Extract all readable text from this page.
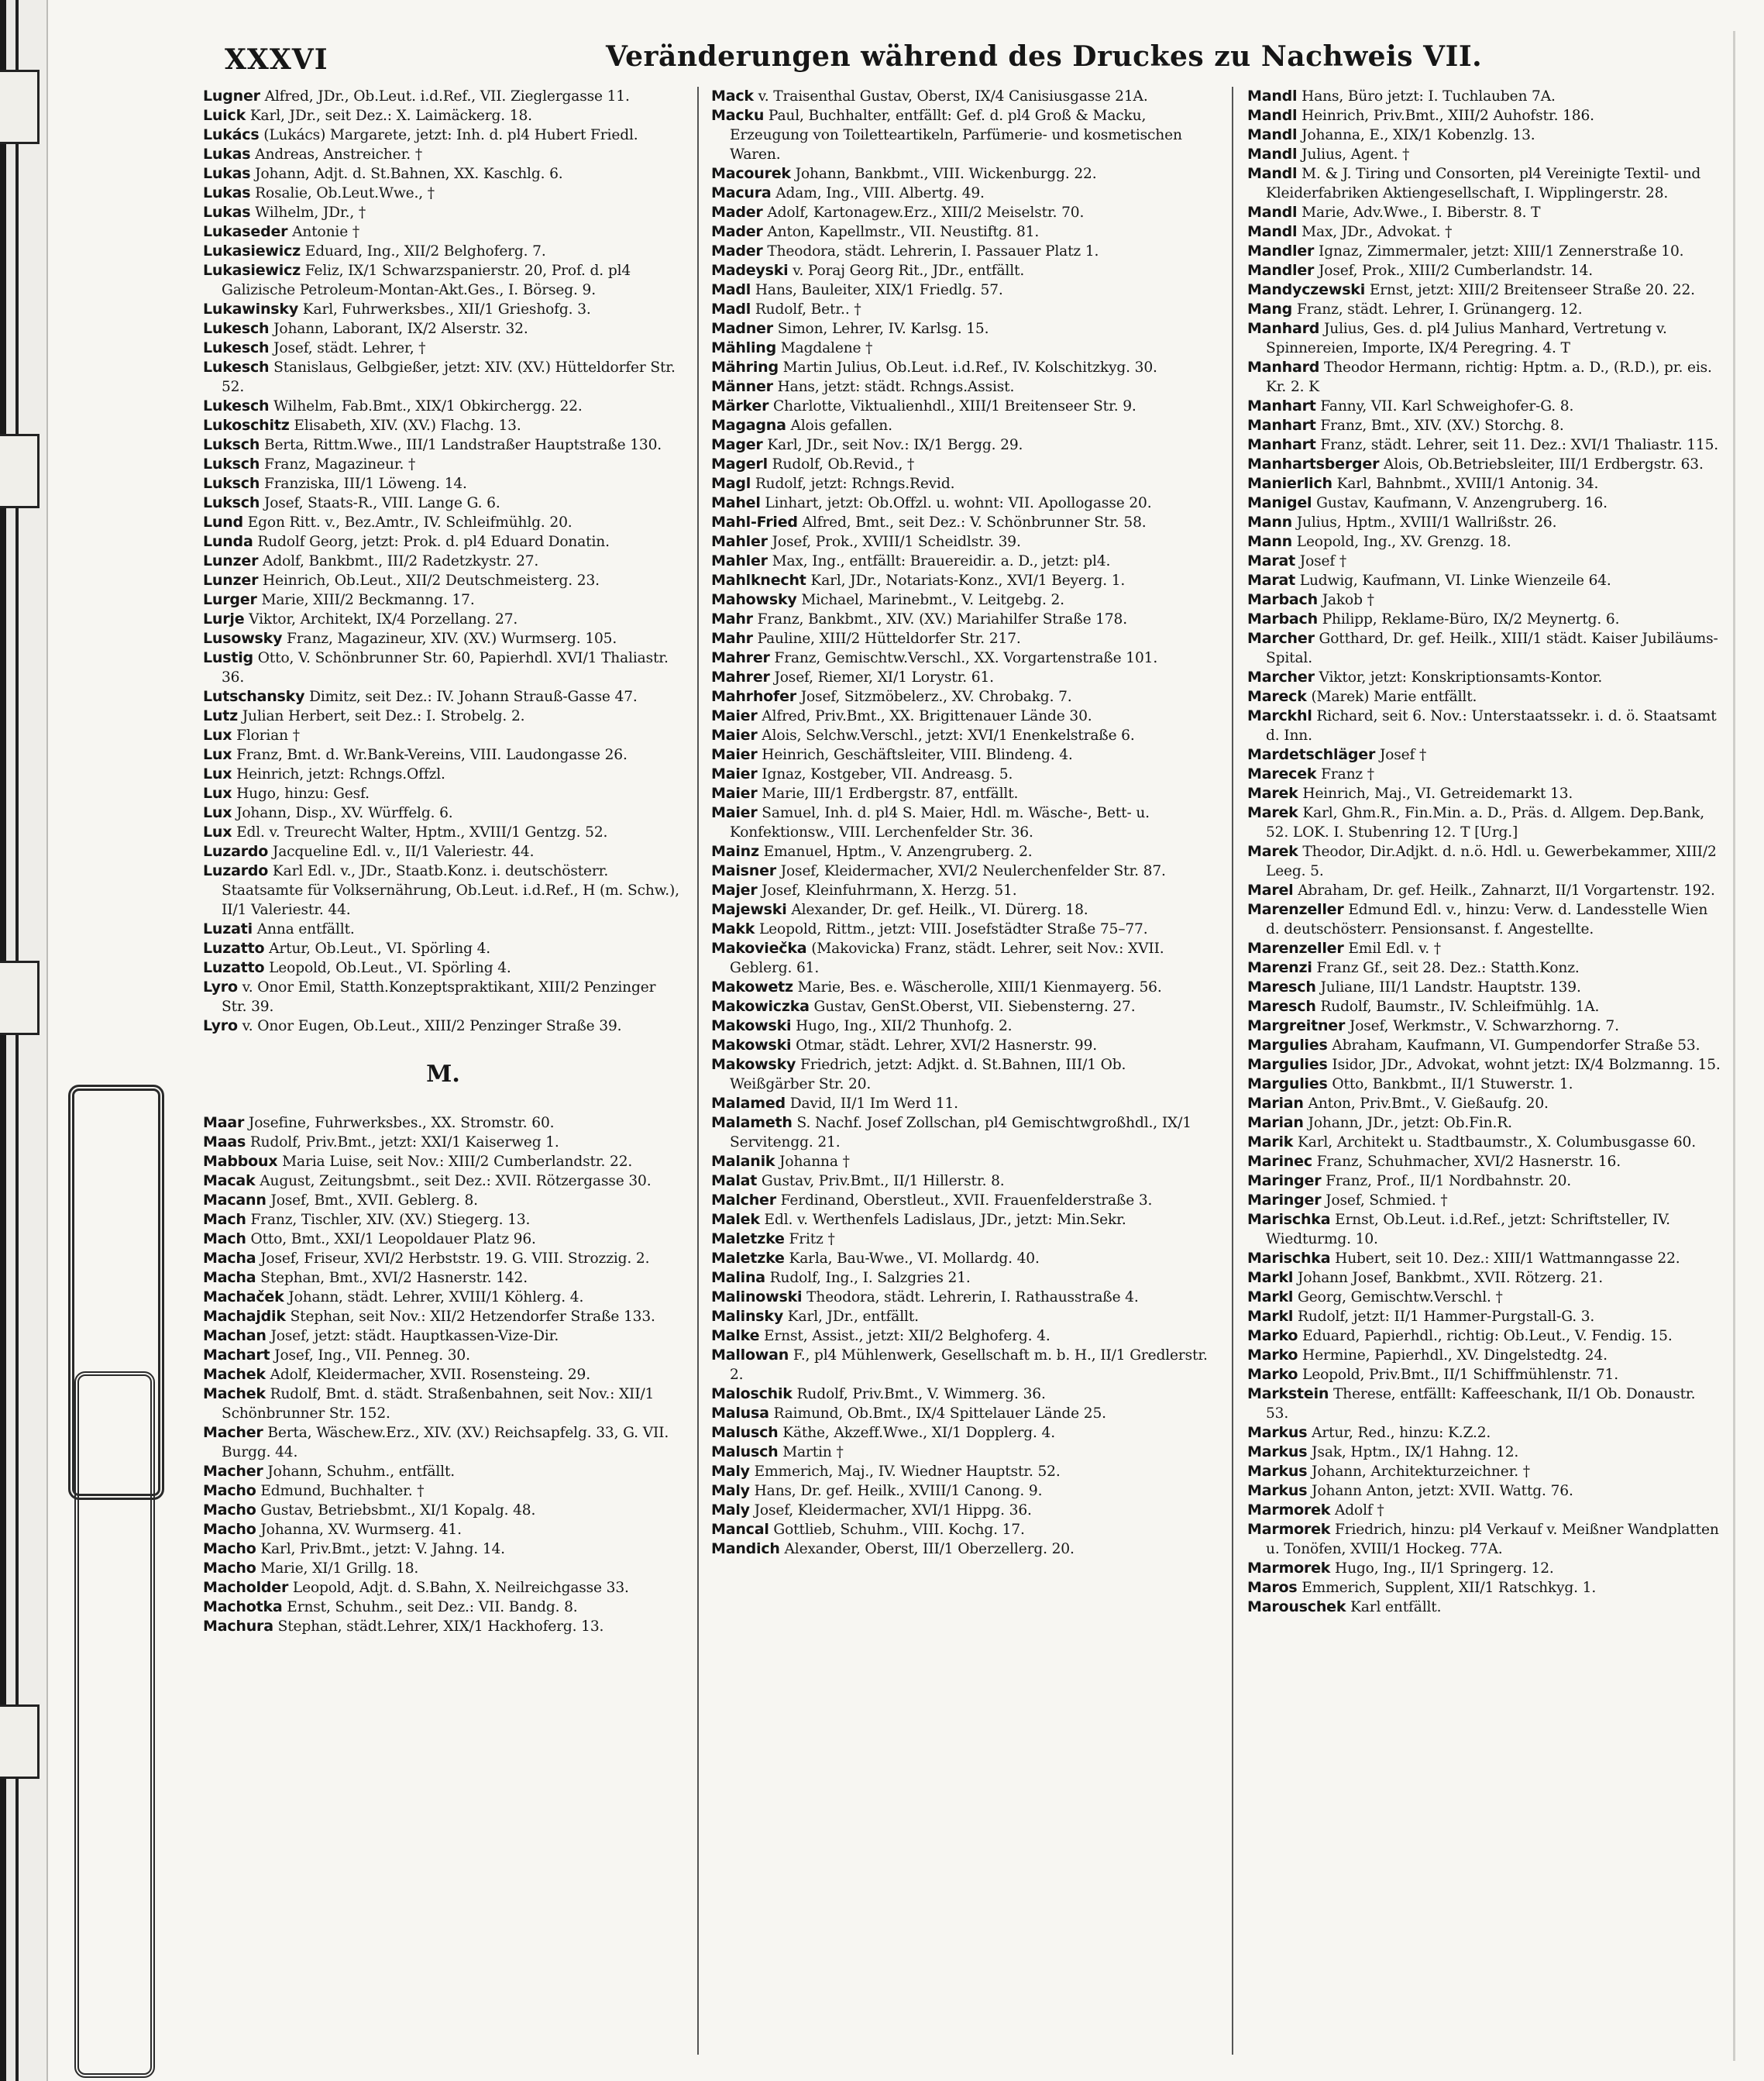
XXXVI	Veränderungen während des Druckes zu Nachweis VII.

Lugner Alfred, JDr., Ob.Leut. i.d.Ref., VII. Zieglergasse 11.

Luick Karl, JDr., seit Dez.: X. Laimäckerg. 18.

Lukács (Lukács) Margarete, jetzt: Inh. d. pl4 Hubert Friedl.

Lukas Andreas, Anstreicher. †

Lukas Johann, Adjt. d. St.Bahnen, XX. Kaschlg. 6.

Lukas Rosalie, Ob.Leut.Wwe., †

Lukas Wilhelm, JDr., †

Lukaseder Antonie †

Lukasiewicz Eduard, Ing., XII/2 Belghoferg. 7.

Lukasiewicz Feliz, IX/1 Schwarzspanierstr. 20, Prof. d. pl4 Galizische Petroleum-Montan-Akt.Ges., I. Börseg. 9.

Lukawinsky Karl, Fuhrwerksbes., XII/1 Grieshofg. 3.

Lukesch Johann, Laborant, IX/2 Alserstr. 32.

Lukesch Josef, städt. Lehrer, †

Lukesch Stanislaus, Gelbgießer, jetzt: XIV. (XV.) Hütteldorfer Str. 52.

Lukesch Wilhelm, Fab.Bmt., XIX/1 Obkirchergg. 22.

Lukoschitz Elisabeth, XIV. (XV.) Flachg. 13.

Luksch Berta, Rittm.Wwe., III/1 Landstraßer Hauptstraße 130.

Luksch Franz, Magazineur. †

Luksch Franziska, III/1 Löweng. 14.

Luksch Josef, Staats-R., VIII. Lange G. 6.

Lund Egon Ritt. v., Bez.Amtr., IV. Schleifmühlg. 20.

Lunda Rudolf Georg, jetzt: Prok. d. pl4 Eduard Donatin.

Lunzer Adolf, Bankbmt., III/2 Radetzkystr. 27.

Lunzer Heinrich, Ob.Leut., XII/2 Deutschmeisterg. 23.

Lurger Marie, XIII/2 Beckmanng. 17.

Lurje Viktor, Architekt, IX/4 Porzellang. 27.

Lusowsky Franz, Magazineur, XIV. (XV.) Wurmserg. 105.

Lustig Otto, V. Schönbrunner Str. 60, Papierhdl. XVI/1 Thaliastr. 36.

Lutschansky Dimitz, seit Dez.: IV. Johann Strauß-Gasse 47.

Lutz Julian Herbert, seit Dez.: I. Strobelg. 2.

Lux Florian †

Lux Franz, Bmt. d. Wr.Bank-Vereins, VIII. Laudongasse 26.

Lux Heinrich, jetzt: Rchngs.Offzl.

Lux Hugo, hinzu: Gesf.

Lux Johann, Disp., XV. Würffelg. 6.

Lux Edl. v. Treurecht Walter, Hptm., XVIII/1 Gentzg. 52.

Luzardo Jacqueline Edl. v., II/1 Valeriestr. 44.

Luzardo Karl Edl. v., JDr., Staatb.Konz. i. deutschösterr. Staatsamte für Volksernährung, Ob.Leut. i.d.Ref., H (m. Schw.), II/1 Valeriestr. 44.

Luzati Anna entfällt.

Luzatto Artur, Ob.Leut., VI. Spörling 4.

Luzatto Leopold, Ob.Leut., VI. Spörling 4.

Lyro v. Onor Emil, Statth.Konzeptspraktikant, XIII/2 Penzinger Str. 39.

Lyro v. Onor Eugen, Ob.Leut., XIII/2 Penzinger Straße 39.

M.

Maar Josefine, Fuhrwerksbes., XX. Stromstr. 60.

Maas Rudolf, Priv.Bmt., jetzt: XXI/1 Kaiserweg 1.

Mabboux Maria Luise, seit Nov.: XIII/2 Cumberlandstr. 22.

Macak August, Zeitungsbmt., seit Dez.: XVII. Rötzergasse 30.

Macann Josef, Bmt., XVII. Geblerg. 8.

Mach Franz, Tischler, XIV. (XV.) Stiegerg. 13.

Mach Otto, Bmt., XXI/1 Leopoldauer Platz 96.

Macha Josef, Friseur, XVI/2 Herbststr. 19. G. VIII. Strozzig. 2.

Macha Stephan, Bmt., XVI/2 Hasnerstr. 142.

Machaček Johann, städt. Lehrer, XVIII/1 Köhlerg. 4.

Machajdik Stephan, seit Nov.: XII/2 Hetzendorfer Straße 133.

Machan Josef, jetzt: städt. Hauptkassen-Vize-Dir.

Machart Josef, Ing., VII. Penneg. 30.

Machek Adolf, Kleidermacher, XVII. Rosensteing. 29.

Machek Rudolf, Bmt. d. städt. Straßenbahnen, seit Nov.: XII/1 Schönbrunner Str. 152.

Macher Berta, Wäschew.Erz., XIV. (XV.) Reichsapfelg. 33, G. VII. Burgg. 44.

Macher Johann, Schuhm., entfällt.

Macho Edmund, Buchhalter. †

Macho Gustav, Betriebsbmt., XI/1 Kopalg. 48.

Macho Johanna, XV. Wurmserg. 41.

Macho Karl, Priv.Bmt., jetzt: V. Jahng. 14.

Macho Marie, XI/1 Grillg. 18.

Macholder Leopold, Adjt. d. S.Bahn, X. Neilreichgasse 33.

Machotka Ernst, Schuhm., seit Dez.: VII. Bandg. 8.

Machura Stephan, städt.Lehrer, XIX/1 Hackhoferg. 13.

Mack v. Traisenthal Gustav, Oberst, IX/4 Canisiusgasse 21A.

Macku Paul, Buchhalter, entfällt: Gef. d. pl4 Groß & Macku, Erzeugung von Toiletteartikeln, Parfümerie- und kosmetischen Waren.

Macourek Johann, Bankbmt., VIII. Wickenburgg. 22.

Macura Adam, Ing., VIII. Albertg. 49.

Mader Adolf, Kartonagew.Erz., XIII/2 Meiselstr. 70.

Mader Anton, Kapellmstr., VII. Neustiftg. 81.

Mader Theodora, städt. Lehrerin, I. Passauer Platz 1.

Madeyski v. Poraj Georg Rit., JDr., entfällt.

Madl Hans, Bauleiter, XIX/1 Friedlg. 57.

Madl Rudolf, Betr.. †

Madner Simon, Lehrer, IV. Karlsg. 15.

Mähling Magdalene †

Mähring Martin Julius, Ob.Leut. i.d.Ref., IV. Kolschitzkyg. 30.

Männer Hans, jetzt: städt. Rchngs.Assist.

Märker Charlotte, Viktualienhdl., XIII/1 Breitenseer Str. 9.

Magagna Alois gefallen.

Mager Karl, JDr., seit Nov.: IX/1 Bergg. 29.

Magerl Rudolf, Ob.Revid., †

Magl Rudolf, jetzt: Rchngs.Revid.

Mahel Linhart, jetzt: Ob.Offzl. u. wohnt: VII. Apollogasse 20.

Mahl-Fried Alfred, Bmt., seit Dez.: V. Schönbrunner Str. 58.

Mahler Josef, Prok., XVIII/1 Scheidlstr. 39.

Mahler Max, Ing., entfällt: Brauereidir. a. D., jetzt: pl4.

Mahlknecht Karl, JDr., Notariats-Konz., XVI/1 Beyerg. 1.

Mahowsky Michael, Marinebmt., V. Leitgebg. 2.

Mahr Franz, Bankbmt., XIV. (XV.) Mariahilfer Straße 178.

Mahr Pauline, XIII/2 Hütteldorfer Str. 217.

Mahrer Franz, Gemischtw.Verschl., XX. Vorgartenstraße 101.

Mahrer Josef, Riemer, XI/1 Lorystr. 61.

Mahrhofer Josef, Sitzmöbelerz., XV. Chrobakg. 7.

Maier Alfred, Priv.Bmt., XX. Brigittenauer Lände 30.

Maier Alois, Selchw.Verschl., jetzt: XVI/1 Enenkelstraße 6.

Maier Heinrich, Geschäftsleiter, VIII. Blindeng. 4.

Maier Ignaz, Kostgeber, VII. Andreasg. 5.

Maier Marie, III/1 Erdbergstr. 87, entfällt.

Maier Samuel, Inh. d. pl4 S. Maier, Hdl. m. Wäsche-, Bett- u. Konfektionsw., VIII. Lerchenfelder Str. 36.

Mainz Emanuel, Hptm., V. Anzengruberg. 2.

Maisner Josef, Kleidermacher, XVI/2 Neulerchenfelder Str. 87.

Majer Josef, Kleinfuhrmann, X. Herzg. 51.

Majewski Alexander, Dr. gef. Heilk., VI. Dürerg. 18.

Makk Leopold, Rittm., jetzt: VIII. Josefstädter Straße 75–77.

Makoviečka (Makovicka) Franz, städt. Lehrer, seit Nov.: XVII. Geblerg. 61.

Makowetz Marie, Bes. e. Wäscherolle, XIII/1 Kienmayerg. 56.

Makowiczka Gustav, GenSt.Oberst, VII. Siebensterng. 27.

Makowski Hugo, Ing., XII/2 Thunhofg. 2.

Makowski Otmar, städt. Lehrer, XVI/2 Hasnerstr. 99.

Makowsky Friedrich, jetzt: Adjkt. d. St.Bahnen, III/1 Ob. Weißgärber Str. 20.

Malamed David, II/1 Im Werd 11.

Malameth S. Nachf. Josef Zollschan, pl4 Gemischtwgroßhdl., IX/1 Servitengg. 21.

Malanik Johanna †

Malat Gustav, Priv.Bmt., II/1 Hillerstr. 8.

Malcher Ferdinand, Oberstleut., XVII. Frauenfelderstraße 3.

Malek Edl. v. Werthenfels Ladislaus, JDr., jetzt: Min.Sekr.

Maletzke Fritz †

Maletzke Karla, Bau-Wwe., VI. Mollardg. 40.

Malina Rudolf, Ing., I. Salzgries 21.

Malinowski Theodora, städt. Lehrerin, I. Rathausstraße 4.

Malinsky Karl, JDr., entfällt.

Malke Ernst, Assist., jetzt: XII/2 Belghoferg. 4.

Mallowan F., pl4 Mühlenwerk, Gesellschaft m. b. H., II/1 Gredlerstr. 2.

Maloschik Rudolf, Priv.Bmt., V. Wimmerg. 36.

Malusa Raimund, Ob.Bmt., IX/4 Spittelauer Lände 25.

Malusch Käthe, Akzeff.Wwe., XI/1 Dopplerg. 4.

Malusch Martin †

Maly Emmerich, Maj., IV. Wiedner Hauptstr. 52.

Maly Hans, Dr. gef. Heilk., XVIII/1 Canong. 9.

Maly Josef, Kleidermacher, XVI/1 Hippg. 36.

Mancal Gottlieb, Schuhm., VIII. Kochg. 17.

Mandich Alexander, Oberst, III/1 Oberzellerg. 20.

Mandl Hans, Büro jetzt: I. Tuchlauben 7A.

Mandl Heinrich, Priv.Bmt., XIII/2 Auhofstr. 186.

Mandl Johanna, E., XIX/1 Kobenzlg. 13.

Mandl Julius, Agent. †

Mandl M. & J. Tiring und Consorten, pl4 Vereinigte Textil- und Kleiderfabriken Aktiengesellschaft, I. Wipplingerstr. 28.

Mandl Marie, Adv.Wwe., I. Biberstr. 8. T

Mandl Max, JDr., Advokat. †

Mandler Ignaz, Zimmermaler, jetzt: XIII/1 Zennerstraße 10.

Mandler Josef, Prok., XIII/2 Cumberlandstr. 14.

Mandyczewski Ernst, jetzt: XIII/2 Breitenseer Straße 20. 22.

Mang Franz, städt. Lehrer, I. Grünangerg. 12.

Manhard Julius, Ges. d. pl4 Julius Manhard, Vertretung v. Spinnereien, Importe, IX/4 Peregring. 4. T

Manhard Theodor Hermann, richtig: Hptm. a. D., (R.D.), pr. eis. Kr. 2. K

Manhart Fanny, VII. Karl Schweighofer-G. 8.

Manhart Franz, Bmt., XIV. (XV.) Storchg. 8.

Manhart Franz, städt. Lehrer, seit 11. Dez.: XVI/1 Thaliastr. 115.

Manhartsberger Alois, Ob.Betriebsleiter, III/1 Erdbergstr. 63.

Manierlich Karl, Bahnbmt., XVIII/1 Antonig. 34.

Manigel Gustav, Kaufmann, V. Anzengruberg. 16.

Mann Julius, Hptm., XVIII/1 Wallrißstr. 26.

Mann Leopold, Ing., XV. Grenzg. 18.

Marat Josef †

Marat Ludwig, Kaufmann, VI. Linke Wienzeile 64.

Marbach Jakob †

Marbach Philipp, Reklame-Büro, IX/2 Meynertg. 6.

Marcher Gotthard, Dr. gef. Heilk., XIII/1 städt. Kaiser Jubiläums-Spital.

Marcher Viktor, jetzt: Konskriptionsamts-Kontor.

Mareck (Marek) Marie entfällt.

Marckhl Richard, seit 6. Nov.: Unterstaatssekr. i. d. ö. Staatsamt d. Inn.

Mardetschläger Josef †

Marecek Franz †

Marek Heinrich, Maj., VI. Getreidemarkt 13.

Marek Karl, Ghm.R., Fin.Min. a. D., Präs. d. Allgem. Dep.Bank, 52. LOK. I. Stubenring 12. T [Urg.]

Marek Theodor, Dir.Adjkt. d. n.ö. Hdl. u. Gewerbekammer, XIII/2 Leeg. 5.

Marel Abraham, Dr. gef. Heilk., Zahnarzt, II/1 Vorgartenstr. 192.

Marenzeller Edmund Edl. v., hinzu: Verw. d. Landesstelle Wien d. deutschösterr. Pensionsanst. f. Angestellte.

Marenzeller Emil Edl. v. †

Marenzi Franz Gf., seit 28. Dez.: Statth.Konz.

Maresch Juliane, III/1 Landstr. Hauptstr. 139.

Maresch Rudolf, Baumstr., IV. Schleifmühlg. 1A.

Margreitner Josef, Werkmstr., V. Schwarzhorng. 7.

Margulies Abraham, Kaufmann, VI. Gumpendorfer Straße 53.

Margulies Isidor, JDr., Advokat, wohnt jetzt: IX/4 Bolzmanng. 15.

Margulies Otto, Bankbmt., II/1 Stuwerstr. 1.

Marian Anton, Priv.Bmt., V. Gießaufg. 20.

Marian Johann, JDr., jetzt: Ob.Fin.R.

Marik Karl, Architekt u. Stadtbaumstr., X. Columbusgasse 60.

Marinec Franz, Schuhmacher, XVI/2 Hasnerstr. 16.

Maringer Franz, Prof., II/1 Nordbahnstr. 20.

Maringer Josef, Schmied. †

Marischka Ernst, Ob.Leut. i.d.Ref., jetzt: Schriftsteller, IV. Wiedturmg. 10.

Marischka Hubert, seit 10. Dez.: XIII/1 Wattmanngasse 22.

Markl Johann Josef, Bankbmt., XVII. Rötzerg. 21.

Markl Georg, Gemischtw.Verschl. †

Markl Rudolf, jetzt: II/1 Hammer-Purgstall-G. 3.

Marko Eduard, Papierhdl., richtig: Ob.Leut., V. Fendig. 15.

Marko Hermine, Papierhdl., XV. Dingelstedtg. 24.

Marko Leopold, Priv.Bmt., II/1 Schiffmühlenstr. 71.

Markstein Therese, entfällt: Kaffeeschank, II/1 Ob. Donaustr. 53.

Markus Artur, Red., hinzu: K.Z.2.

Markus Jsak, Hptm., IX/1 Hahng. 12.

Markus Johann, Architekturzeichner. †

Markus Johann Anton, jetzt: XVII. Wattg. 76.

Marmorek Adolf †

Marmorek Friedrich, hinzu: pl4 Verkauf v. Meißner Wandplatten u. Tonöfen, XVIII/1 Hockeg. 77A.

Marmorek Hugo, Ing., II/1 Springerg. 12.

Maros Emmerich, Supplent, XII/1 Ratschkyg. 1.

Marouschek Karl entfällt.
